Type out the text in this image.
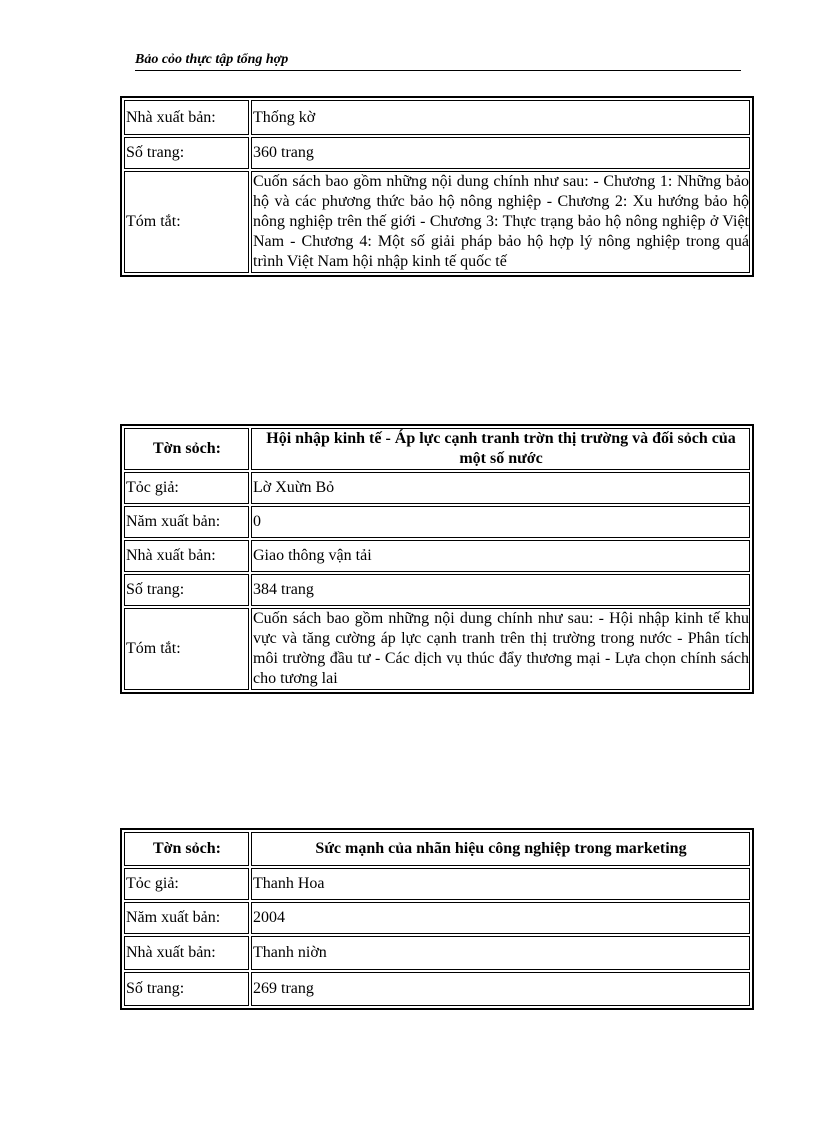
Bảo cỏo thực tập tổng hợp
Nhà xuất bản:	Thống kờ
Số trang:	360 trang
Tóm tắt:	Cuốn sách bao gồm những nội dung chính như sau: - Chương 1: Những bảo hộ và các phương thức bảo hộ nông nghiệp - Chương 2: Xu hướng bảo hộ nông nghiệp trên thế giới - Chương 3: Thực trạng bảo hộ nông nghiệp ở Việt Nam - Chương 4: Một số giải pháp bảo hộ hợp lý nông nghiệp trong quá trình Việt Nam hội nhập kinh tế quốc tế
Tờn sỏch:	Hội nhập kinh tế - Áp lực cạnh tranh trờn thị trường và đối sỏch của một số nước
Tỏc giả:	Lờ Xuừn Bỏ
Năm xuất bản:	0
Nhà xuất bản:	Giao thông vận tải
Số trang:	384 trang
Tóm tắt:	Cuốn sách bao gồm những nội dung chính như sau: - Hội nhập kinh tế khu vực và tăng cường áp lực cạnh tranh trên thị trường trong nước - Phân tích môi trường đầu tư - Các dịch vụ thúc đẩy thương mại - Lựa chọn chính sách cho tương lai
Tờn sỏch:	Sức mạnh của nhãn hiệu công nghiệp trong marketing
Tỏc giả:	Thanh Hoa
Năm xuất bản:	2004
Nhà xuất bản:	Thanh niờn
Số trang:	269 trang
